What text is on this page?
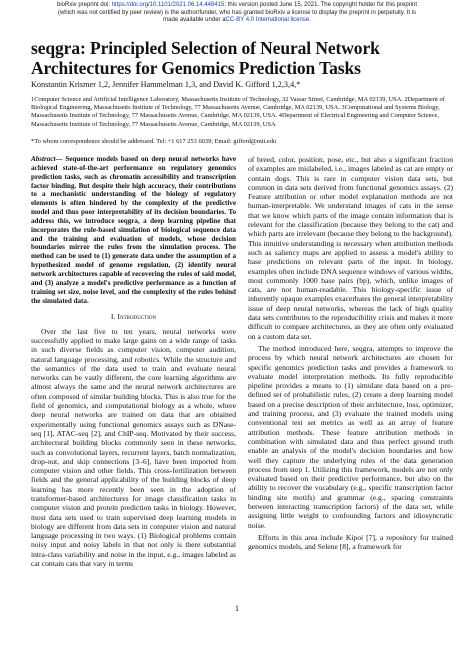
bioRxiv preprint doi: https://doi.org/10.1101/2021.06.14.448415; this version posted June 15, 2021. The copyright holder for this preprint
(which was not certified by peer review) is the author/funder, who has granted bioRxiv a license to display the preprint in perpetuity. It is
made available under aCC-BY 4.0 International license.
seqgra: Principled Selection of Neural Network Architectures for Genomics Prediction Tasks
Konstantin Krismer 1,2, Jennifer Hammelman 1,3, and David K. Gifford 1,2,3,4,*
1Computer Science and Artificial Intelligence Laboratory, Massachusetts Institute of Technology, 32 Vassar Street, Cambridge, MA 02139, USA. 2Department of Biological Engineering, Massachusetts Institute of Technology, 77 Massachusetts Avenue, Cambridge, MA 02139, USA. 3Computational and Systems Biology, Massachusetts Institute of Technology, 77 Massachusetts Avenue, Cambridge, MA 02139, USA. 4Department of Electrical Engineering and Computer Science, Massachusetts Institute of Technology, 77 Massachusetts Avenue, Cambridge, MA 02139, USA
*To whom correspondence should be addressed. Tel: +1 617 253 6039; Email: gifford@mit.edu

Abstract— Sequence models based on deep neural networks have achieved state-of-the-art performance on regulatory genomics prediction tasks, such as chromatin accessibility and transcription factor binding. But despite their high accuracy, their contributions to a mechanistic understanding of the biology of regulatory elements is often hindered by the complexity of the predictive model and thus poor interpretability of its decision boundaries. To address this, we introduce seqgra, a deep learning pipeline that incorporates the rule-based simulation of biological sequence data and the training and evaluation of models, whose decision boundaries mirror the rules from the simulation process. The method can be used to (1) generate data under the assumption of a hypothesized model of genome regulation, (2) identify neural network architectures capable of recovering the rules of said model, and (3) analyze a model's predictive performance as a function of training set size, noise level, and the complexity of the rules behind the simulated data.

I. Introduction

Over the last five to ten years, neural networks were successfully applied to make large gains on a wide range of tasks in such diverse fields as computer vision, computer audition, natural language processing, and robotics. While the structure and the semantics of the data used to train and evaluate neural networks can be vastly different, the core learning algorithms are almost always the same and the neural network architectures are often composed of similar building blocks. This is also true for the field of genomics, and computational biology as a whole, where deep neural networks are trained on data that are obtained experimentally using functional genomics assays such as DNase-seq [1], ATAC-seq [2], and ChIP-seq. Motivated by their success, architectural building blocks commonly seen in these networks, such as convolutional layers, recurrent layers, batch normalization, drop-out, and skip connections [3–6], have been imported from computer vision and other fields. This cross-fertilization between fields and the general applicability of the building blocks of deep learning has more recently been seen in the adoption of transformer-based architectures for image classification tasks in computer vision and protein prediction tasks in biology. However, most data sets used to train supervised deep learning models in biology are different from data sets in computer vision and natural language processing in two ways. (1) Biological problems contain noisy input and noisy labels in that not only is there substantial intra-class variability and noise in the input, e.g., images labeled as cat contain cats that vary in terms

of breed, color, position, pose, etc., but also a significant fraction of examples are mislabeled, i.e., images labeled as cat are empty or contain dogs. This is rare in computer vision data sets, but common in data sets derived from functional genomics assays. (2) Feature attribution or other model explanation methods are not human-interpretable. We understand images of cats in the sense that we know which parts of the image contain information that is relevant for the classification (because they belong to the cat) and which parts are irrelevant (because they belong to the background). This intuitive understanding is necessary when attribution methods such as saliency maps are applied to assess a model's ability to base predictions on relevant parts of the input. In biology, examples often include DNA sequence windows of various widths, most commonly 1000 base pairs (bp), which, unlike images of cats, are not human-readable. This biology-specific issue of inherently opaque examples exacerbates the general interpretability issue of deep neural networks, whereas the lack of high quality data sets contributes to the reproducibility crisis and makes it more difficult to compare architectures, as they are often only evaluated on a custom data set.

The method introduced here, seqgra, attempts to improve the process by which neural network architectures are chosen for specific genomics prediction tasks and provides a framework to evaluate model interpretation methods. Its fully reproducible pipeline provides a means to (1) simulate data based on a pre-defined set of probabilistic rules, (2) create a deep learning model based on a precise description of their architecture, loss, optimizer, and training process, and (3) evaluate the trained models using conventional test set metrics as well as an array of feature attribution methods. These feature attribution methods in combination with simulated data and thus perfect ground truth enable an analysis of the model's decision boundaries and how well they capture the underlying rules of the data generation process from step 1. Utilizing this framework, models are not only evaluated based on their predictive performance, but also on the ability to recover the vocabulary (e.g., specific transcription factor binding site motifs) and grammar (e.g., spacing constraints between interacting transcription factors) of the data set, while assigning little weight to confounding factors and idiosyncratic noise.

Efforts in this area include Kipoi [7], a repository for trained genomics models, and Selene [8], a framework for

1
